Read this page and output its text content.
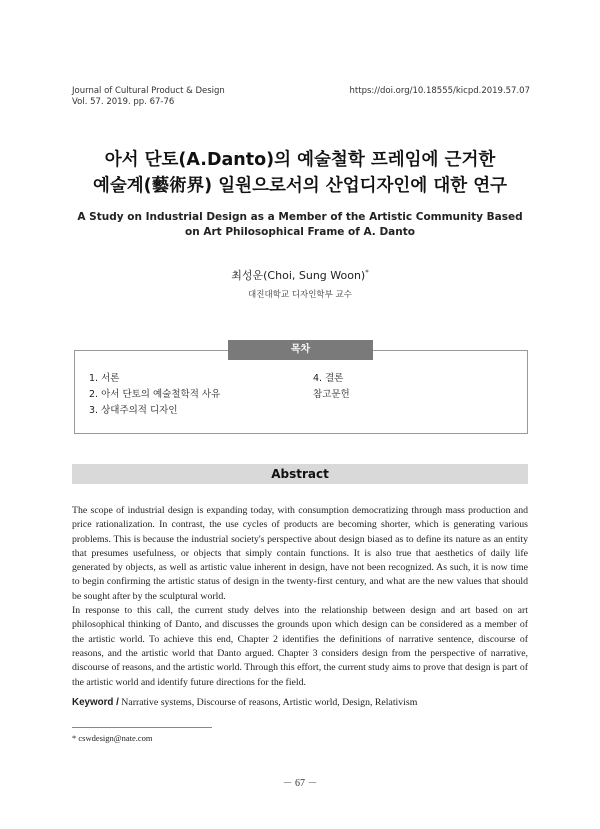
Journal of Cultural Product & Design
Vol. 57. 2019. pp. 67-76
https://doi.org/10.18555/kicpd.2019.57.07
아서 단토(A.Danto)의 예술철학 프레임에 근거한
예술계(藝術界) 일원으로서의 산업디자인에 대한 연구
A Study on Industrial Design as a Member of the Artistic Community Based
on Art Philosophical Frame of A. Danto
최성운(Choi, Sung Woon)*
대진대학교 디자인학부 교수
목차
1. 서론
2. 아서 단토의 예술철학적 사유
3. 상대주의적 디자인
4. 결론
참고문헌
Abstract

The scope of industrial design is expanding today, with consumption democratizing through mass production and price rationalization. In contrast, the use cycles of products are becoming shorter, which is generating various problems. This is because the industrial society's perspective about design biased as to define its nature as an entity that presumes usefulness, or objects that simply contain functions. It is also true that aesthetics of daily life generated by objects, as well as artistic value inherent in design, have not been recognized. As such, it is now time to begin confirming the artistic status of design in the twenty-first century, and what are the new values that should be sought after by the sculptural world.

In response to this call, the current study delves into the relationship between design and art based on art philosophical thinking of Danto, and discusses the grounds upon which design can be considered as a member of the artistic world. To achieve this end, Chapter 2 identifies the definitions of narrative sentence, discourse of reasons, and the artistic world that Danto argued. Chapter 3 considers design from the perspective of narrative, discourse of reasons, and the artistic world. Through this effort, the current study aims to prove that design is part of the artistic world and identify future directions for the field.

Keyword / Narrative systems, Discourse of reasons, Artistic world, Design, Relativism
* cswdesign@nate.com
－ 67 －
